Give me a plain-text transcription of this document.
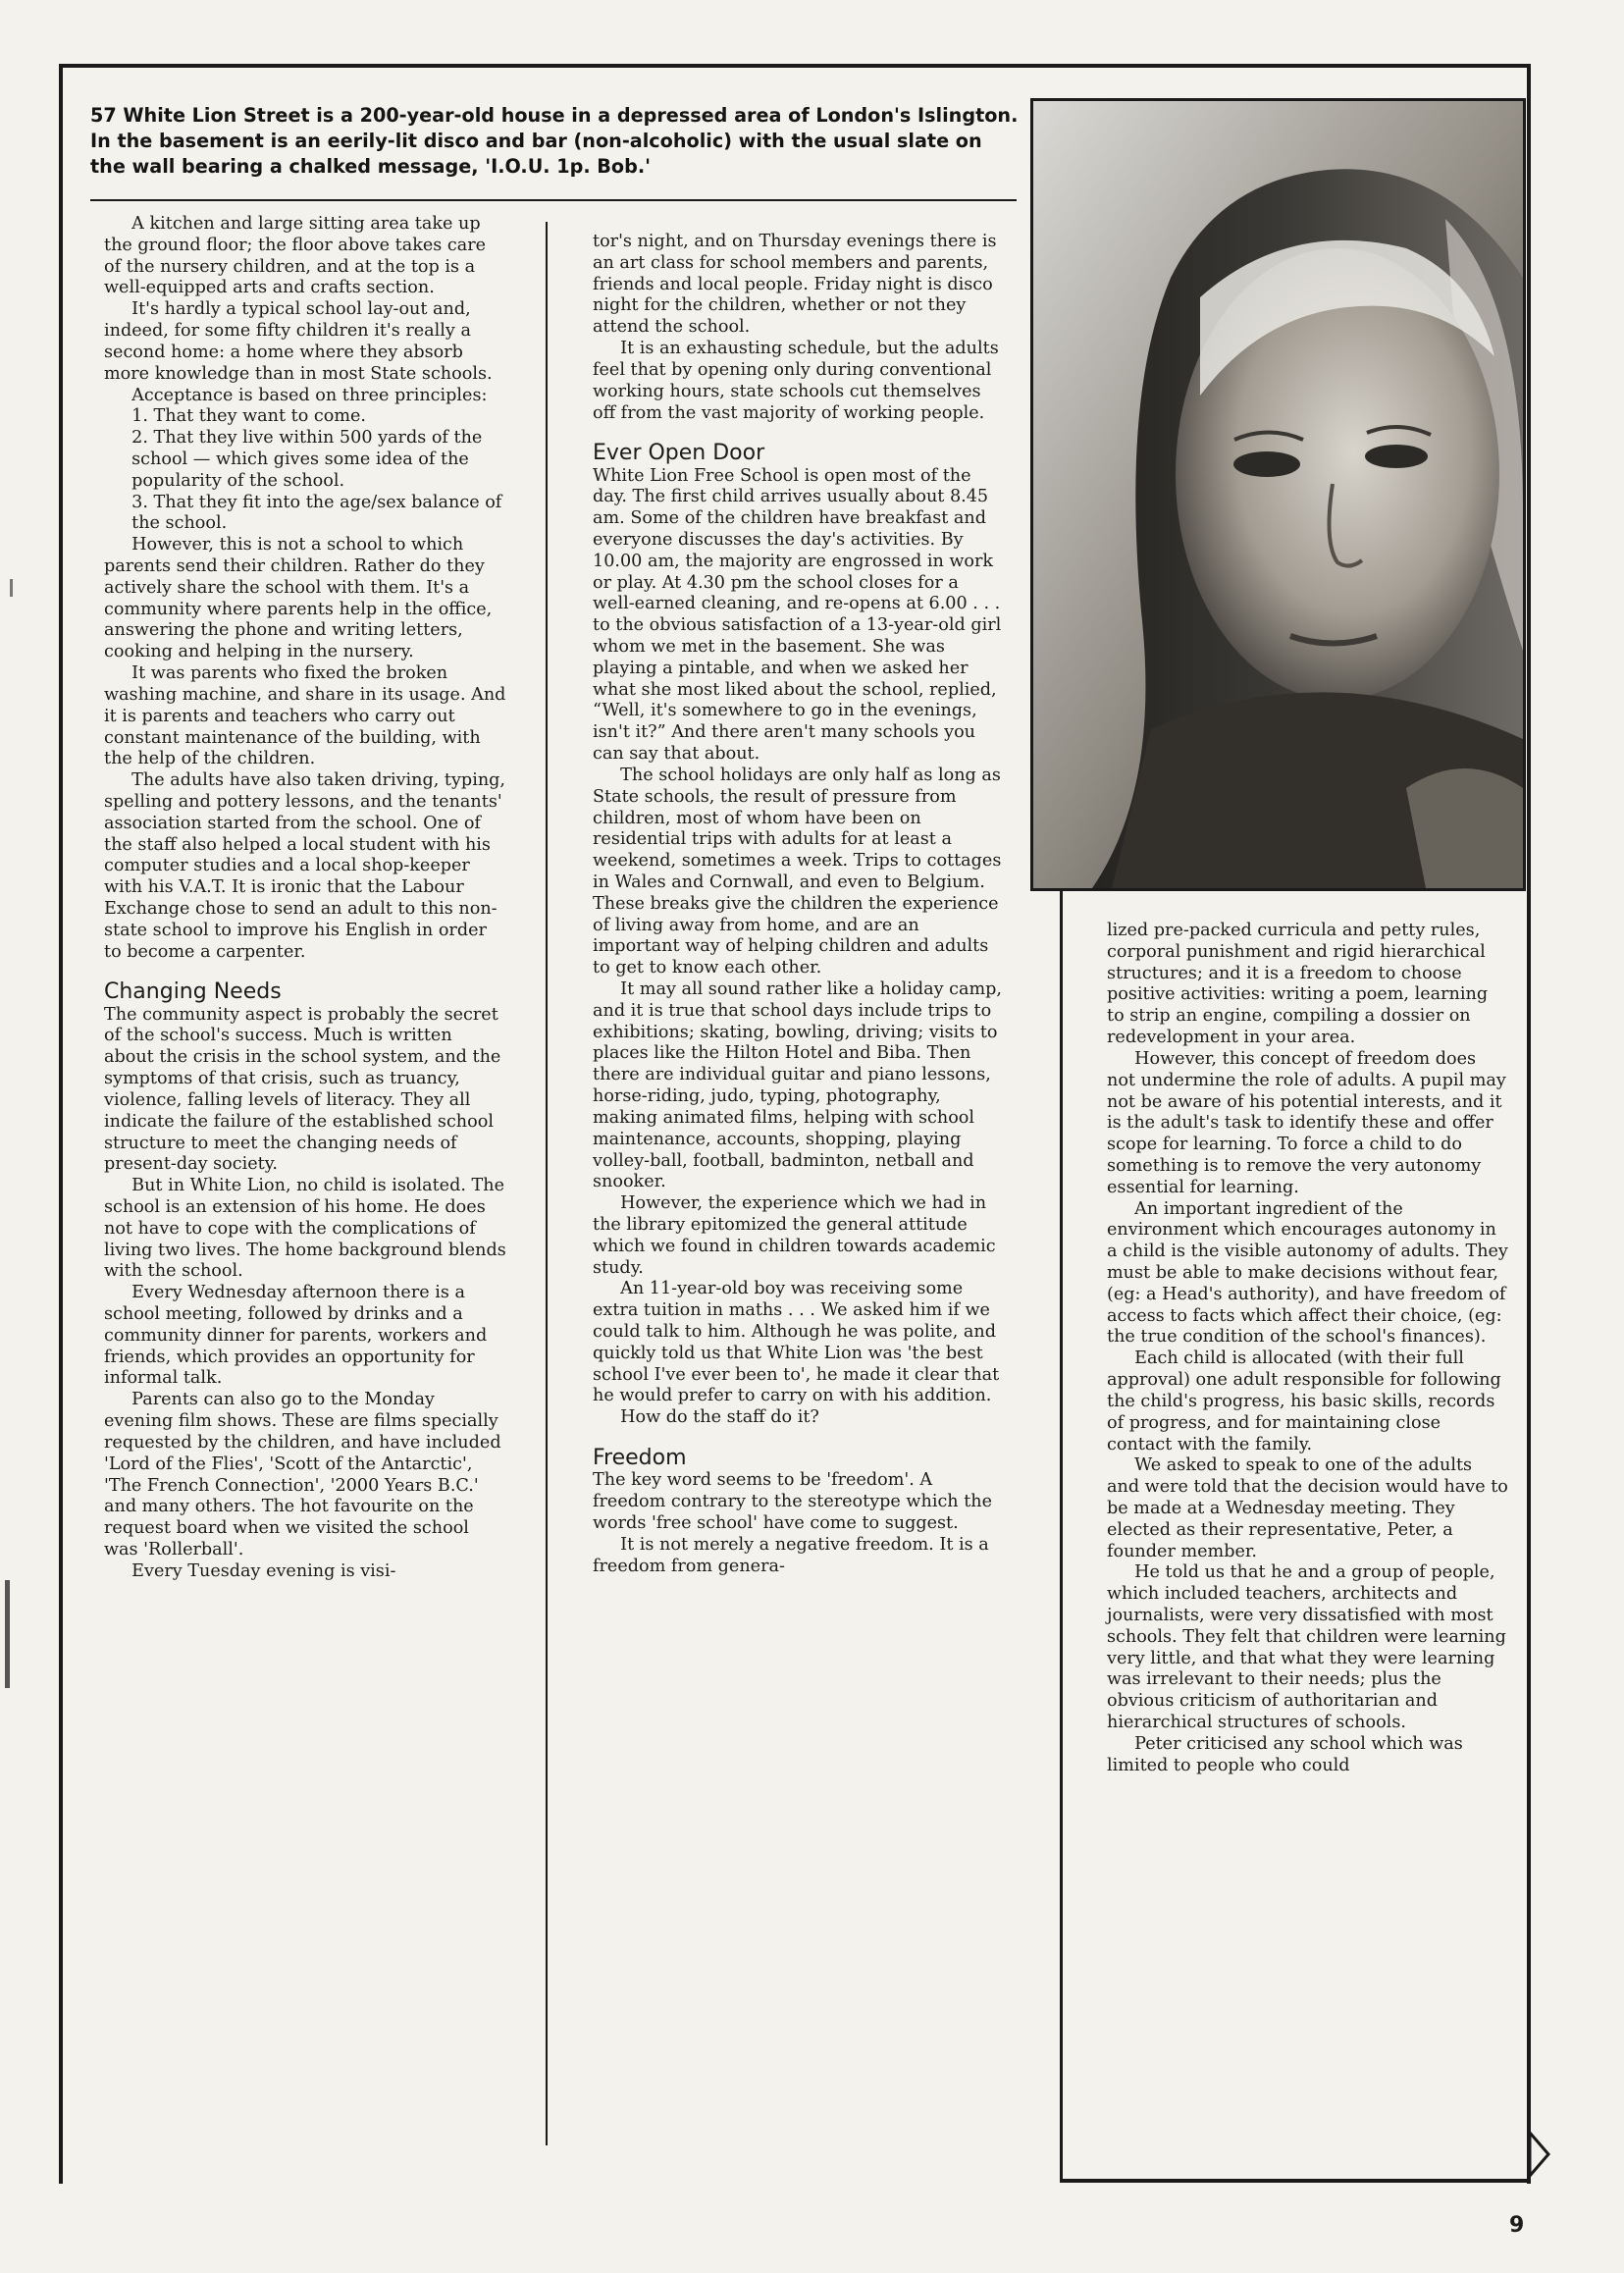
57 White Lion Street is a 200-year-old house in a depressed area of London's Islington. In the basement is an eerily-lit disco and bar (non-alcoholic) with the usual slate on the wall bearing a chalked message, 'I.O.U. 1p. Bob.'

A kitchen and large sitting area take up the ground floor; the floor above takes care of the nursery children, and at the top is a well-equipped arts and crafts section.

It's hardly a typical school lay-out and, indeed, for some fifty children it's really a second home: a home where they absorb more knowledge than in most State schools.

Acceptance is based on three principles:

1. That they want to come.

2. That they live within 500 yards of the school — which gives some idea of the popularity of the school.

3. That they fit into the age/sex balance of the school.

However, this is not a school to which parents send their children. Rather do they actively share the school with them. It's a community where parents help in the office, answering the phone and writing letters, cooking and helping in the nursery.

It was parents who fixed the broken washing machine, and share in its usage. And it is parents and teachers who carry out constant maintenance of the building, with the help of the children.

The adults have also taken driving, typing, spelling and pottery lessons, and the tenants' association started from the school. One of the staff also helped a local student with his computer studies and a local shop-keeper with his V.A.T. It is ironic that the Labour Exchange chose to send an adult to this non-state school to improve his English in order to become a carpenter.

Changing Needs

The community aspect is probably the secret of the school's success. Much is written about the crisis in the school system, and the symptoms of that crisis, such as truancy, violence, falling levels of literacy. They all indicate the failure of the established school structure to meet the changing needs of present-day society.

But in White Lion, no child is isolated. The school is an extension of his home. He does not have to cope with the complications of living two lives. The home background blends with the school.

Every Wednesday afternoon there is a school meeting, followed by drinks and a community dinner for parents, workers and friends, which provides an opportunity for informal talk.

Parents can also go to the Monday evening film shows. These are films specially requested by the children, and have included 'Lord of the Flies', 'Scott of the Antarctic', 'The French Connection', '2000 Years B.C.' and many others. The hot favourite on the request board when we visited the school was 'Rollerball'.

Every Tuesday evening is visi-

tor's night, and on Thursday evenings there is an art class for school members and parents, friends and local people. Friday night is disco night for the children, whether or not they attend the school.

It is an exhausting schedule, but the adults feel that by opening only during conventional working hours, state schools cut themselves off from the vast majority of working people.

Ever Open Door

White Lion Free School is open most of the day. The first child arrives usually about 8.45 am. Some of the children have breakfast and everyone discusses the day's activities. By 10.00 am, the majority are engrossed in work or play. At 4.30 pm the school closes for a well-earned cleaning, and re-opens at 6.00 . . . to the obvious satisfaction of a 13-year-old girl whom we met in the basement. She was playing a pintable, and when we asked her what she most liked about the school, replied, “Well, it's somewhere to go in the evenings, isn't it?” And there aren't many schools you can say that about.

The school holidays are only half as long as State schools, the result of pressure from children, most of whom have been on residential trips with adults for at least a weekend, sometimes a week. Trips to cottages in Wales and Cornwall, and even to Belgium. These breaks give the children the experience of living away from home, and are an important way of helping children and adults to get to know each other.

It may all sound rather like a holiday camp, and it is true that school days include trips to exhibitions; skating, bowling, driving; visits to places like the Hilton Hotel and Biba. Then there are individual guitar and piano lessons, horse-riding, judo, typing, photography, making animated films, helping with school maintenance, accounts, shopping, playing volley-ball, football, badminton, netball and snooker.

However, the experience which we had in the library epitomized the general attitude which we found in children towards academic study.

An 11-year-old boy was receiving some extra tuition in maths . . . We asked him if we could talk to him. Although he was polite, and quickly told us that White Lion was 'the best school I've ever been to', he made it clear that he would prefer to carry on with his addition.

How do the staff do it?

Freedom

The key word seems to be 'freedom'. A freedom contrary to the stereotype which the words 'free school' have come to suggest.

It is not merely a negative freedom. It is a freedom from genera-

lized pre-packed curricula and petty rules, corporal punishment and rigid hierarchical structures; and it is a freedom to choose positive activities: writing a poem, learning to strip an engine, compiling a dossier on redevelopment in your area.

However, this concept of freedom does not undermine the role of adults. A pupil may not be aware of his potential interests, and it is the adult's task to identify these and offer scope for learning. To force a child to do something is to remove the very autonomy essential for learning.

An important ingredient of the environment which encourages autonomy in a child is the visible autonomy of adults. They must be able to make decisions without fear, (eg: a Head's authority), and have freedom of access to facts which affect their choice, (eg: the true condition of the school's finances).

Each child is allocated (with their full approval) one adult responsible for following the child's progress, his basic skills, records of progress, and for maintaining close contact with the family.

We asked to speak to one of the adults and were told that the decision would have to be made at a Wednesday meeting. They elected as their representative, Peter, a founder member.

He told us that he and a group of people, which included teachers, architects and journalists, were very dissatisfied with most schools. They felt that children were learning very little, and that what they were learning was irrelevant to their needs; plus the obvious criticism of authoritarian and hierarchical structures of schools.

Peter criticised any school which was limited to people who could

9
